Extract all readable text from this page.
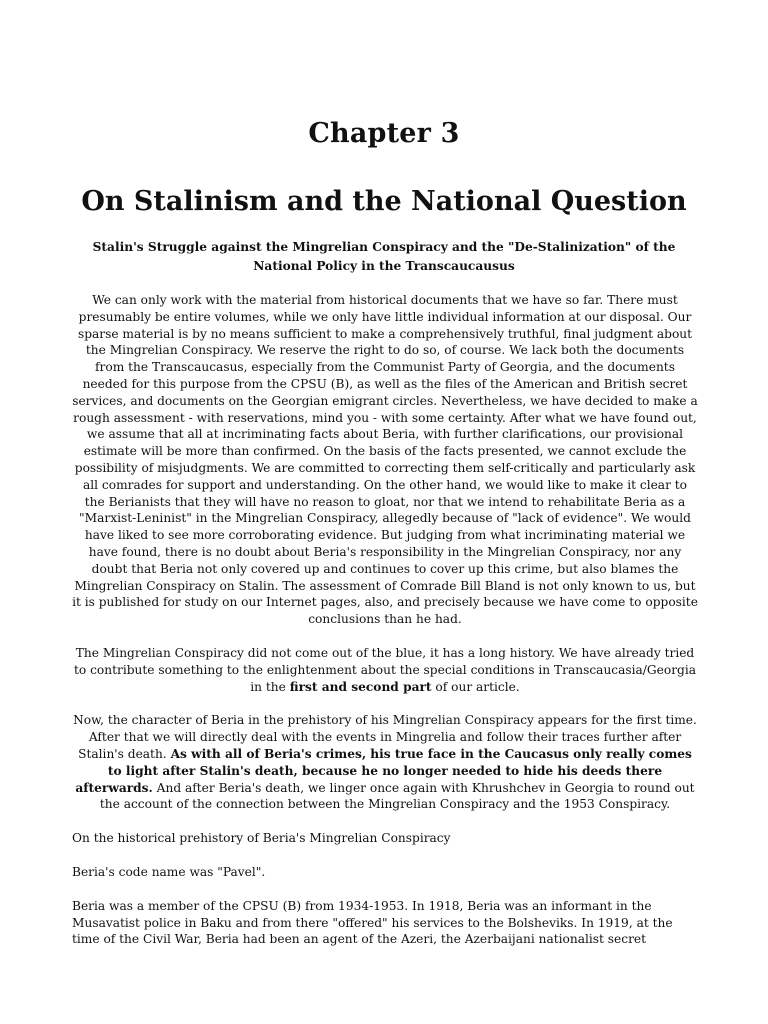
Chapter 3
On Stalinism and the National Question
Stalin's Struggle against the Mingrelian Conspiracy and the "De-Stalinization" of the National Policy in the Transcaucausus

We can only work with the material from historical documents that we have so far. There must presumably be entire volumes, while we only have little individual information at our disposal. Our sparse material is by no means sufficient to make a comprehensively truthful, final judgment about the Mingrelian Conspiracy. We reserve the right to do so, of course. We lack both the documents from the Transcaucasus, especially from the Communist Party of Georgia, and the documents needed for this purpose from the CPSU (B), as well as the files of the American and British secret services, and documents on the Georgian emigrant circles. Nevertheless, we have decided to make a rough assessment - with reservations, mind you - with some certainty. After what we have found out, we assume that all at incriminating facts about Beria, with further clarifications, our provisional estimate will be more than confirmed. On the basis of the facts presented, we cannot exclude the possibility of misjudgments. We are committed to correcting them self-critically and particularly ask all comrades for support and understanding. On the other hand, we would like to make it clear to the Berianists that they will have no reason to gloat, nor that we intend to rehabilitate Beria as a "Marxist-Leninist" in the Mingrelian Conspiracy, allegedly because of "lack of evidence". We would have liked to see more corroborating evidence. But judging from what incriminating material we have found, there is no doubt about Beria's responsibility in the Mingrelian Conspiracy, nor any doubt that Beria not only covered up and continues to cover up this crime, but also blames the Mingrelian Conspiracy on Stalin. The assessment of Comrade Bill Bland is not only known to us, but it is published for study on our Internet pages, also, and precisely because we have come to opposite conclusions than he had.

The Mingrelian Conspiracy did not come out of the blue, it has a long history. We have already tried to contribute something to the enlightenment about the special conditions in Transcaucasia/Georgia in the first and second part of our article.

Now, the character of Beria in the prehistory of his Mingrelian Conspiracy appears for the first time. After that we will directly deal with the events in Mingrelia and follow their traces further after Stalin's death. As with all of Beria's crimes, his true face in the Caucasus only really comes to light after Stalin's death, because he no longer needed to hide his deeds there afterwards. And after Beria's death, we linger once again with Khrushchev in Georgia to round out the account of the connection between the Mingrelian Conspiracy and the 1953 Conspiracy.

On the historical prehistory of Beria's Mingrelian Conspiracy

Beria's code name was "Pavel".

Beria was a member of the CPSU (B) from 1934-1953. In 1918, Beria was an informant in the Musavatist police in Baku and from there "offered" his services to the Bolsheviks. In 1919, at the time of the Civil War, Beria had been an agent of the Azeri, the Azerbaijani nationalist secret
